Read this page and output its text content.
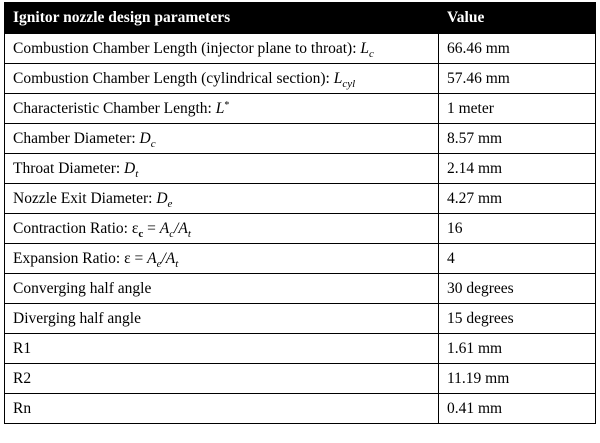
Ignitor nozzle design parameters	Value
Combustion Chamber Length (injector plane to throat): $L_c$	66.46 mm
Combustion Chamber Length (cylindrical section): $L_{cyl}$	57.46 mm
Characteristic Chamber Length: L*	1 meter
Chamber Diameter: $D_c$	8.57 mm
Throat Diameter: $D_t$	2.14 mm
Nozzle Exit Diameter: $D_e$	4.27 mm
Contraction Ratio: $\varepsilon_c = A_c/A_t$	16
Expansion Ratio: $\varepsilon = A_e/A_t$	4
Converging half angle	30 degrees
Diverging half angle	15 degrees
R1	1.61 mm
R2	11.19 mm
Rn	0.41 mm
